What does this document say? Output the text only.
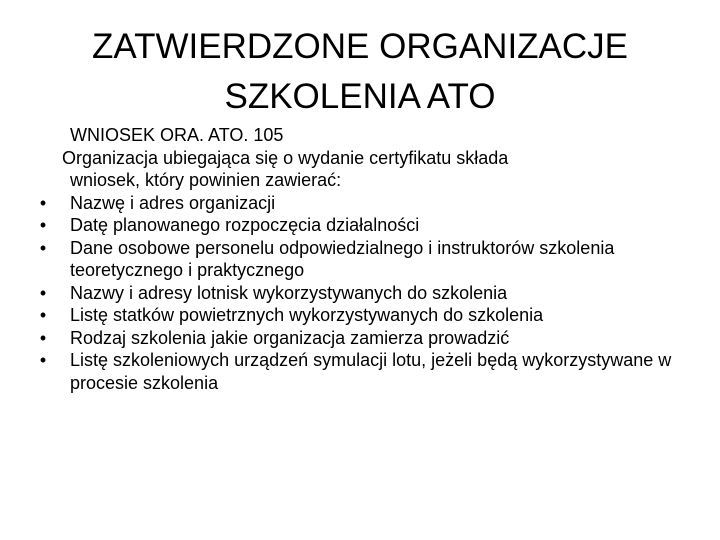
ZATWIERDZONE ORGANIZACJE
SZKOLENIA ATO

WNIOSEK ORA. ATO. 105

Organizacja ubiegająca się o wydanie certyfikatu składa

wniosek, który powinien zawierać:

• Nazwę i adres organizacji
• Datę planowanego rozpoczęcia działalności
• Dane osobowe personelu odpowiedzialnego i instruktorów szkolenia teoretycznego i praktycznego
• Nazwy i adresy lotnisk wykorzystywanych do szkolenia
• Listę statków powietrznych wykorzystywanych do szkolenia
• Rodzaj szkolenia jakie organizacja zamierza prowadzić
• Listę szkoleniowych urządzeń symulacji lotu, jeżeli będą wykorzystywane w procesie szkolenia
